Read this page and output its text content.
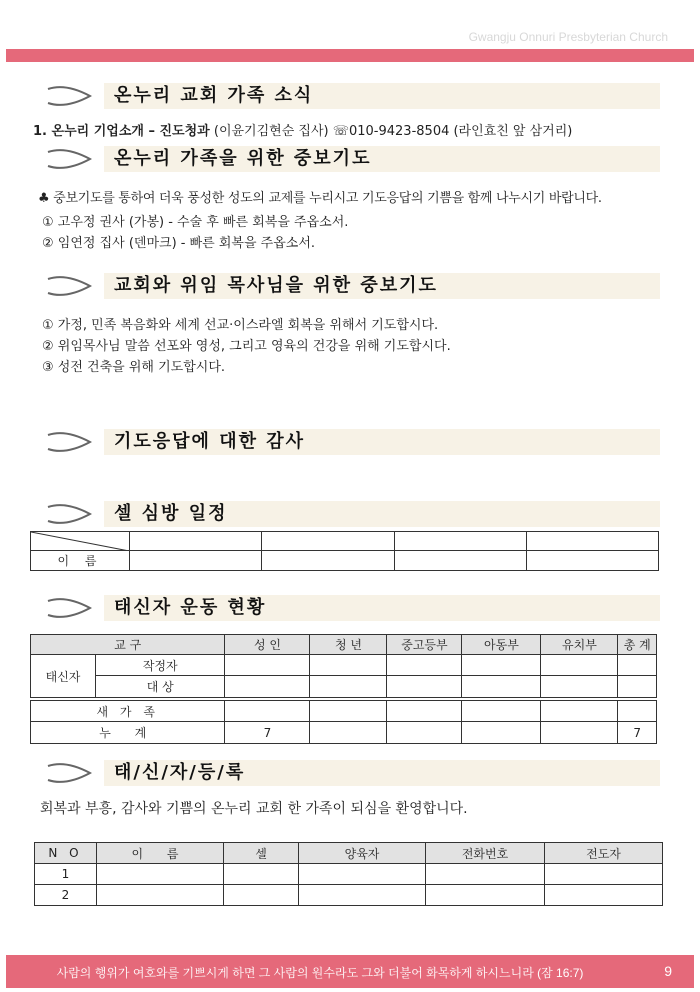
Gwangju Onnuri Presbyterian Church
온누리 교회 가족 소식
1. 온누리 기업소개 – 진도청과 (이윤기김현순 집사) ☏010-9423-8504 (라인효친 앞 삼거리)
온누리 가족을 위한 중보기도
♣ 중보기도를 통하여 더욱 풍성한 성도의 교제를 누리시고 기도응답의 기쁨을 함께 나누시기 바랍니다.
① 고우정 권사 (가봉) - 수술 후 빠른 회복을 주옵소서.
② 임연정 집사 (덴마크) - 빠른 회복을 주옵소서.
교회와 위임 목사님을 위한 중보기도
① 가정, 민족 복음화와 세계 선교·이스라엘 회복을 위해서 기도합시다.
② 위임목사님 말씀 선포와 영성, 그리고 영육의 건강을 위해 기도합시다.
③ 성전 건축을 위해 기도합시다.
기도응답에 대한 감사
셀 심방 일정

이 름				
태신자 운동 현황
교 구		성 인	청 년	중고등부	아동부	유치부	총 계
태신자	작정자						
	대 상						

새 가 족							
누 계		7					7
태/신/자/등/록
회복과 부흥, 감사와 기쁨의 온누리 교회 한 가족이 되심을 환영합니다.
N O	이 름	셀	양육자	전화번호	전도자
1					
2					
사람의 행위가 여호와를 기쁘시게 하면 그 사람의 원수라도 그와 더불어 화목하게 하시느니라 (잠 16:7)	9
